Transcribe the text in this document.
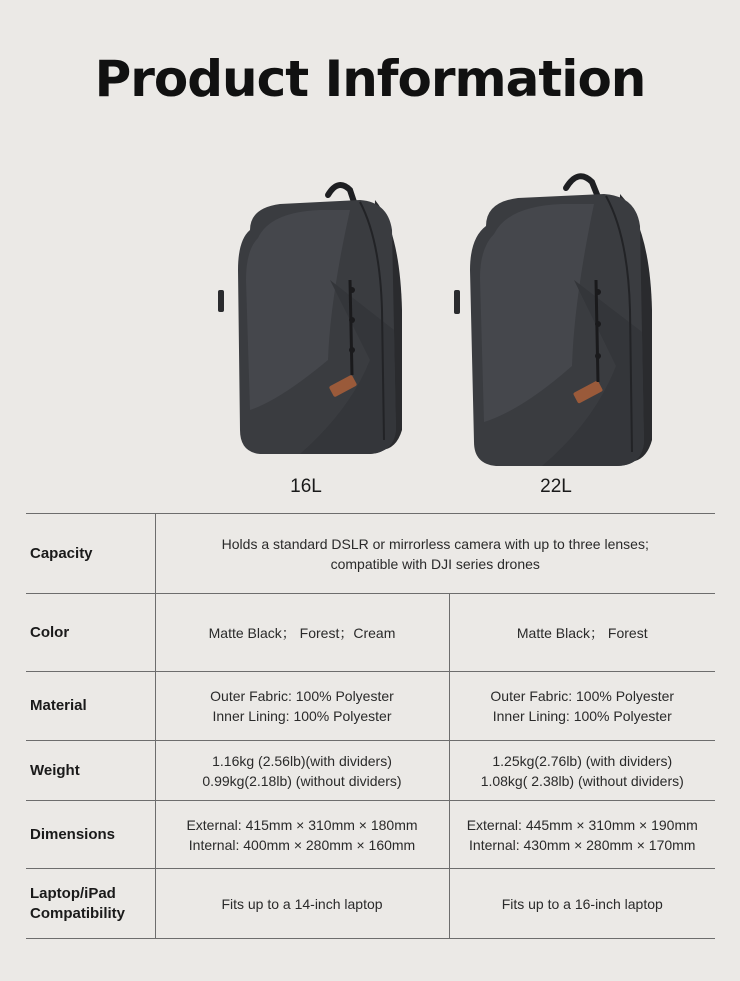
Product Information
16L	22L
Capacity	Holds a standard DSLR or mirrorless camera with up to three lenses;
compatible with DJI series drones	

Color	Matte Black； Forest；Cream	Matte Black； Forest
Material	Outer Fabric: 100% Polyester
Inner Lining: 100% Polyester	Outer Fabric: 100% Polyester
Inner Lining: 100% Polyester

Weight	1.16kg (2.56lb)(with dividers)
0.99kg(2.18lb) (without dividers)	1.25kg(2.76lb) (with dividers)
1.08kg( 2.38lb) (without dividers)

Dimensions	External: 415mm × 310mm × 180mm
Internal: 400mm × 280mm × 160mm	External: 445mm × 310mm × 190mm
Internal: 430mm × 280mm × 170mm

Laptop/iPad
Compatibility	Fits up to a 14-inch laptop	Fits up to a 16-inch laptop
